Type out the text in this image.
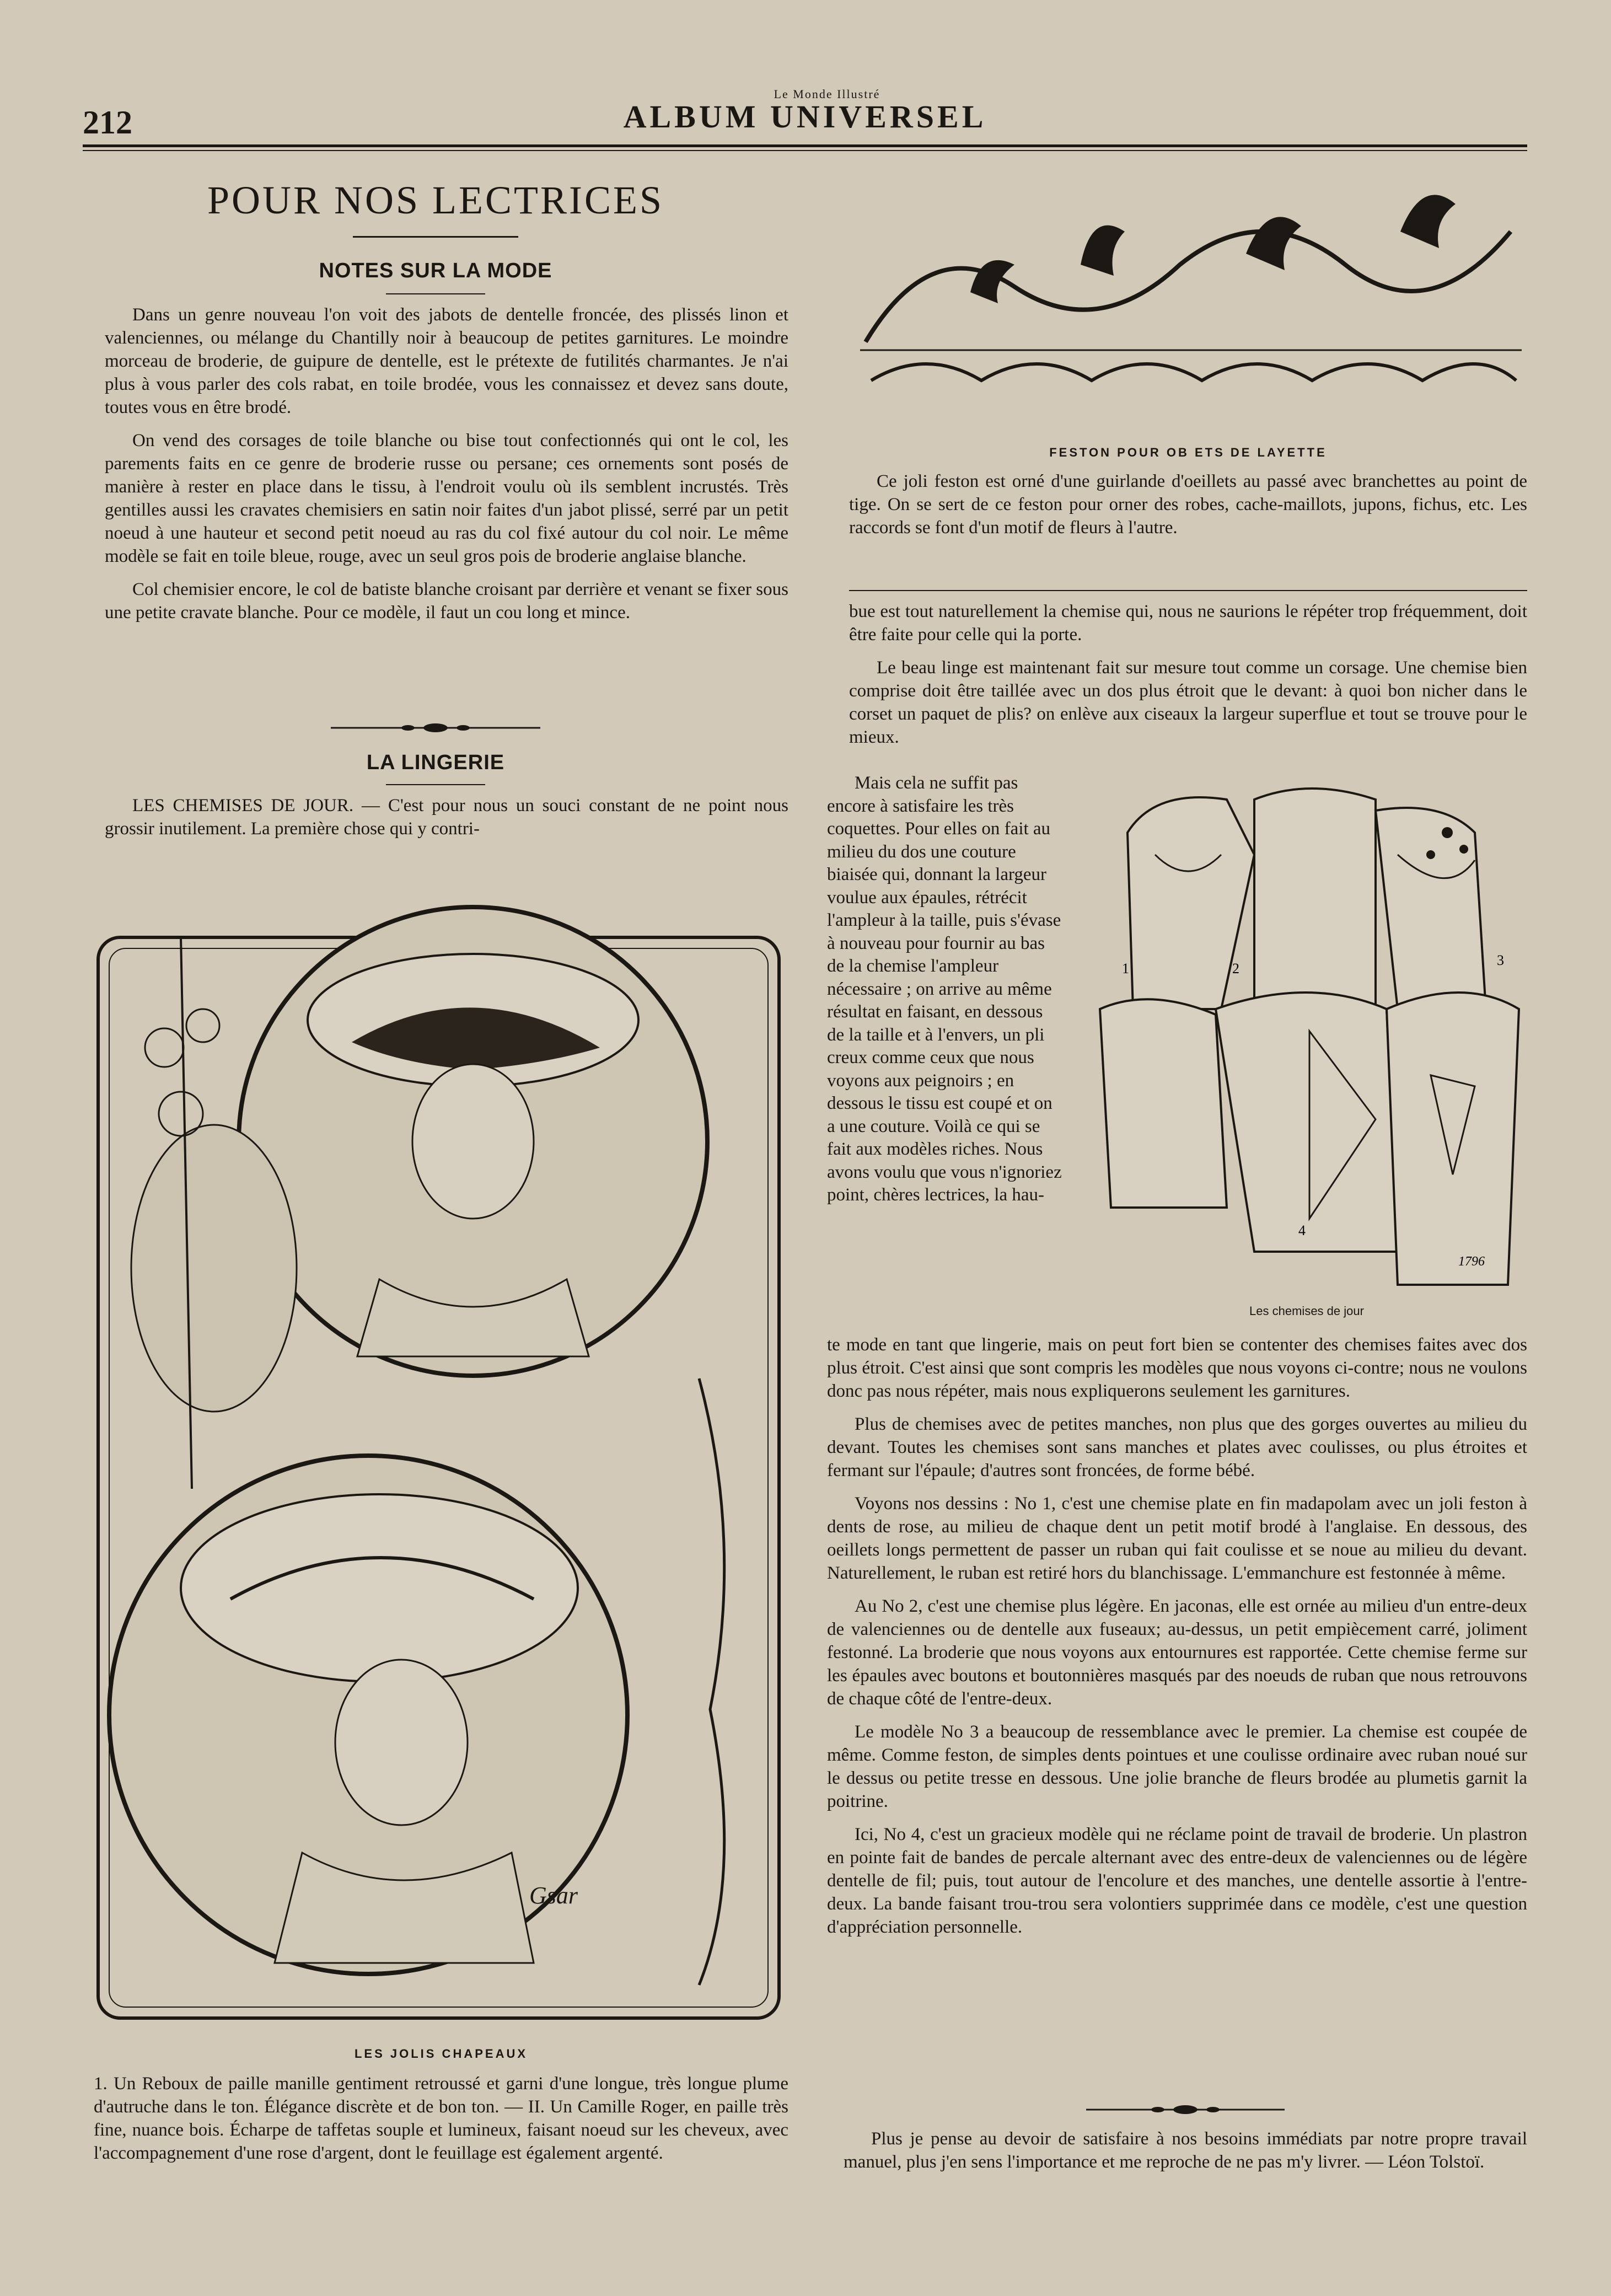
Le Monde Illustré
212	ALBUM UNIVERSEL
POUR NOS LECTRICES
NOTES SUR LA MODE

Dans un genre nouveau l'on voit des jabots de dentelle froncée, des plissés linon et valenciennes, ou mélange du Chantilly noir à beaucoup de petites garnitures. Le moindre morceau de broderie, de guipure de dentelle, est le prétexte de futilités charmantes. Je n'ai plus à vous parler des cols rabat, en toile brodée, vous les connaissez et devez sans doute, toutes vous en être brodé.

On vend des corsages de toile blanche ou bise tout confectionnés qui ont le col, les parements faits en ce genre de broderie russe ou persane; ces ornements sont posés de manière à rester en place dans le tissu, à l'endroit voulu où ils semblent incrustés. Très gentilles aussi les cravates chemisiers en satin noir faites d'un jabot plissé, serré par un petit noeud à une hauteur et second petit noeud au ras du col fixé autour du col noir. Le même modèle se fait en toile bleue, rouge, avec un seul gros pois de broderie anglaise blanche.

Col chemisier encore, le col de batiste blanche croisant par derrière et venant se fixer sous une petite cravate blanche. Pour ce modèle, il faut un cou long et mince.

LA LINGERIE

LES CHEMISES DE JOUR. — C'est pour nous un souci constant de ne point nous grossir inutilement. La première chose qui y contri-

Gsar
LES JOLIS CHAPEAUX

1. Un Reboux de paille manille gentiment retroussé et garni d'une longue, très longue plume d'autruche dans le ton. Élégance discrète et de bon ton. — II. Un Camille Roger, en paille très fine, nuance bois. Écharpe de taffetas souple et lumineux, faisant noeud sur les cheveux, avec l'accompagnement d'une rose d'argent, dont le feuillage est également argenté.

FESTON POUR OB ETS DE LAYETTE

Ce joli feston est orné d'une guirlande d'oeillets au passé avec branchettes au point de tige. On se sert de ce feston pour orner des robes, cache-maillots, jupons, fichus, etc. Les raccords se font d'un motif de fleurs à l'autre.

bue est tout naturellement la chemise qui, nous ne saurions le répéter trop fréquemment, doit être faite pour celle qui la porte.

Le beau linge est maintenant fait sur mesure tout comme un corsage. Une chemise bien comprise doit être taillée avec un dos plus étroit que le devant: à quoi bon nicher dans le corset un paquet de plis? on enlève aux ciseaux la largeur superflue et tout se trouve pour le mieux.

Mais cela ne suffit pas encore à satisfaire les très coquettes. Pour elles on fait au milieu du dos une couture biaisée qui, donnant la largeur voulue aux épaules, rétrécit l'ampleur à la taille, puis s'évase à nouveau pour fournir au bas de la chemise l'ampleur nécessaire ; on arrive au même résultat en faisant, en dessous de la taille et à l'envers, un pli creux comme ceux que nous voyons aux peignoirs ; en dessous le tissu est coupé et on a une couture. Voilà ce qui se fait aux modèles riches. Nous avons voulu que vous n'ignoriez point, chères lectrices, la hau-

1	2
3
4
1796
Les chemises de jour

te mode en tant que lingerie, mais on peut fort bien se contenter des chemises faites avec dos plus étroit. C'est ainsi que sont compris les modèles que nous voyons ci-contre; nous ne voulons donc pas nous répéter, mais nous expliquerons seulement les garnitures.

Plus de chemises avec de petites manches, non plus que des gorges ouvertes au milieu du devant. Toutes les chemises sont sans manches et plates avec coulisses, ou plus étroites et fermant sur l'épaule; d'autres sont froncées, de forme bébé.

Voyons nos dessins : No 1, c'est une chemise plate en fin madapolam avec un joli feston à dents de rose, au milieu de chaque dent un petit motif brodé à l'anglaise. En dessous, des oeillets longs permettent de passer un ruban qui fait coulisse et se noue au milieu du devant. Naturellement, le ruban est retiré hors du blanchissage. L'emmanchure est festonnée à même.

Au No 2, c'est une chemise plus légère. En jaconas, elle est ornée au milieu d'un entre-deux de valenciennes ou de dentelle aux fuseaux; au-dessus, un petit empiècement carré, joliment festonné. La broderie que nous voyons aux entournures est rapportée. Cette chemise ferme sur les épaules avec boutons et boutonnières masqués par des noeuds de ruban que nous retrouvons de chaque côté de l'entre-deux.

Le modèle No 3 a beaucoup de ressemblance avec le premier. La chemise est coupée de même. Comme feston, de simples dents pointues et une coulisse ordinaire avec ruban noué sur le dessus ou petite tresse en dessous. Une jolie branche de fleurs brodée au plumetis garnit la poitrine.

Ici, No 4, c'est un gracieux modèle qui ne réclame point de travail de broderie. Un plastron en pointe fait de bandes de percale alternant avec des entre-deux de valenciennes ou de légère dentelle de fil; puis, tout autour de l'encolure et des manches, une dentelle assortie à l'entre-deux. La bande faisant trou-trou sera volontiers supprimée dans ce modèle, c'est une question d'appréciation personnelle.

Plus je pense au devoir de satisfaire à nos besoins immédiats par notre propre travail manuel, plus j'en sens l'importance et me reproche de ne pas m'y livrer. — Léon Tolstoï.
